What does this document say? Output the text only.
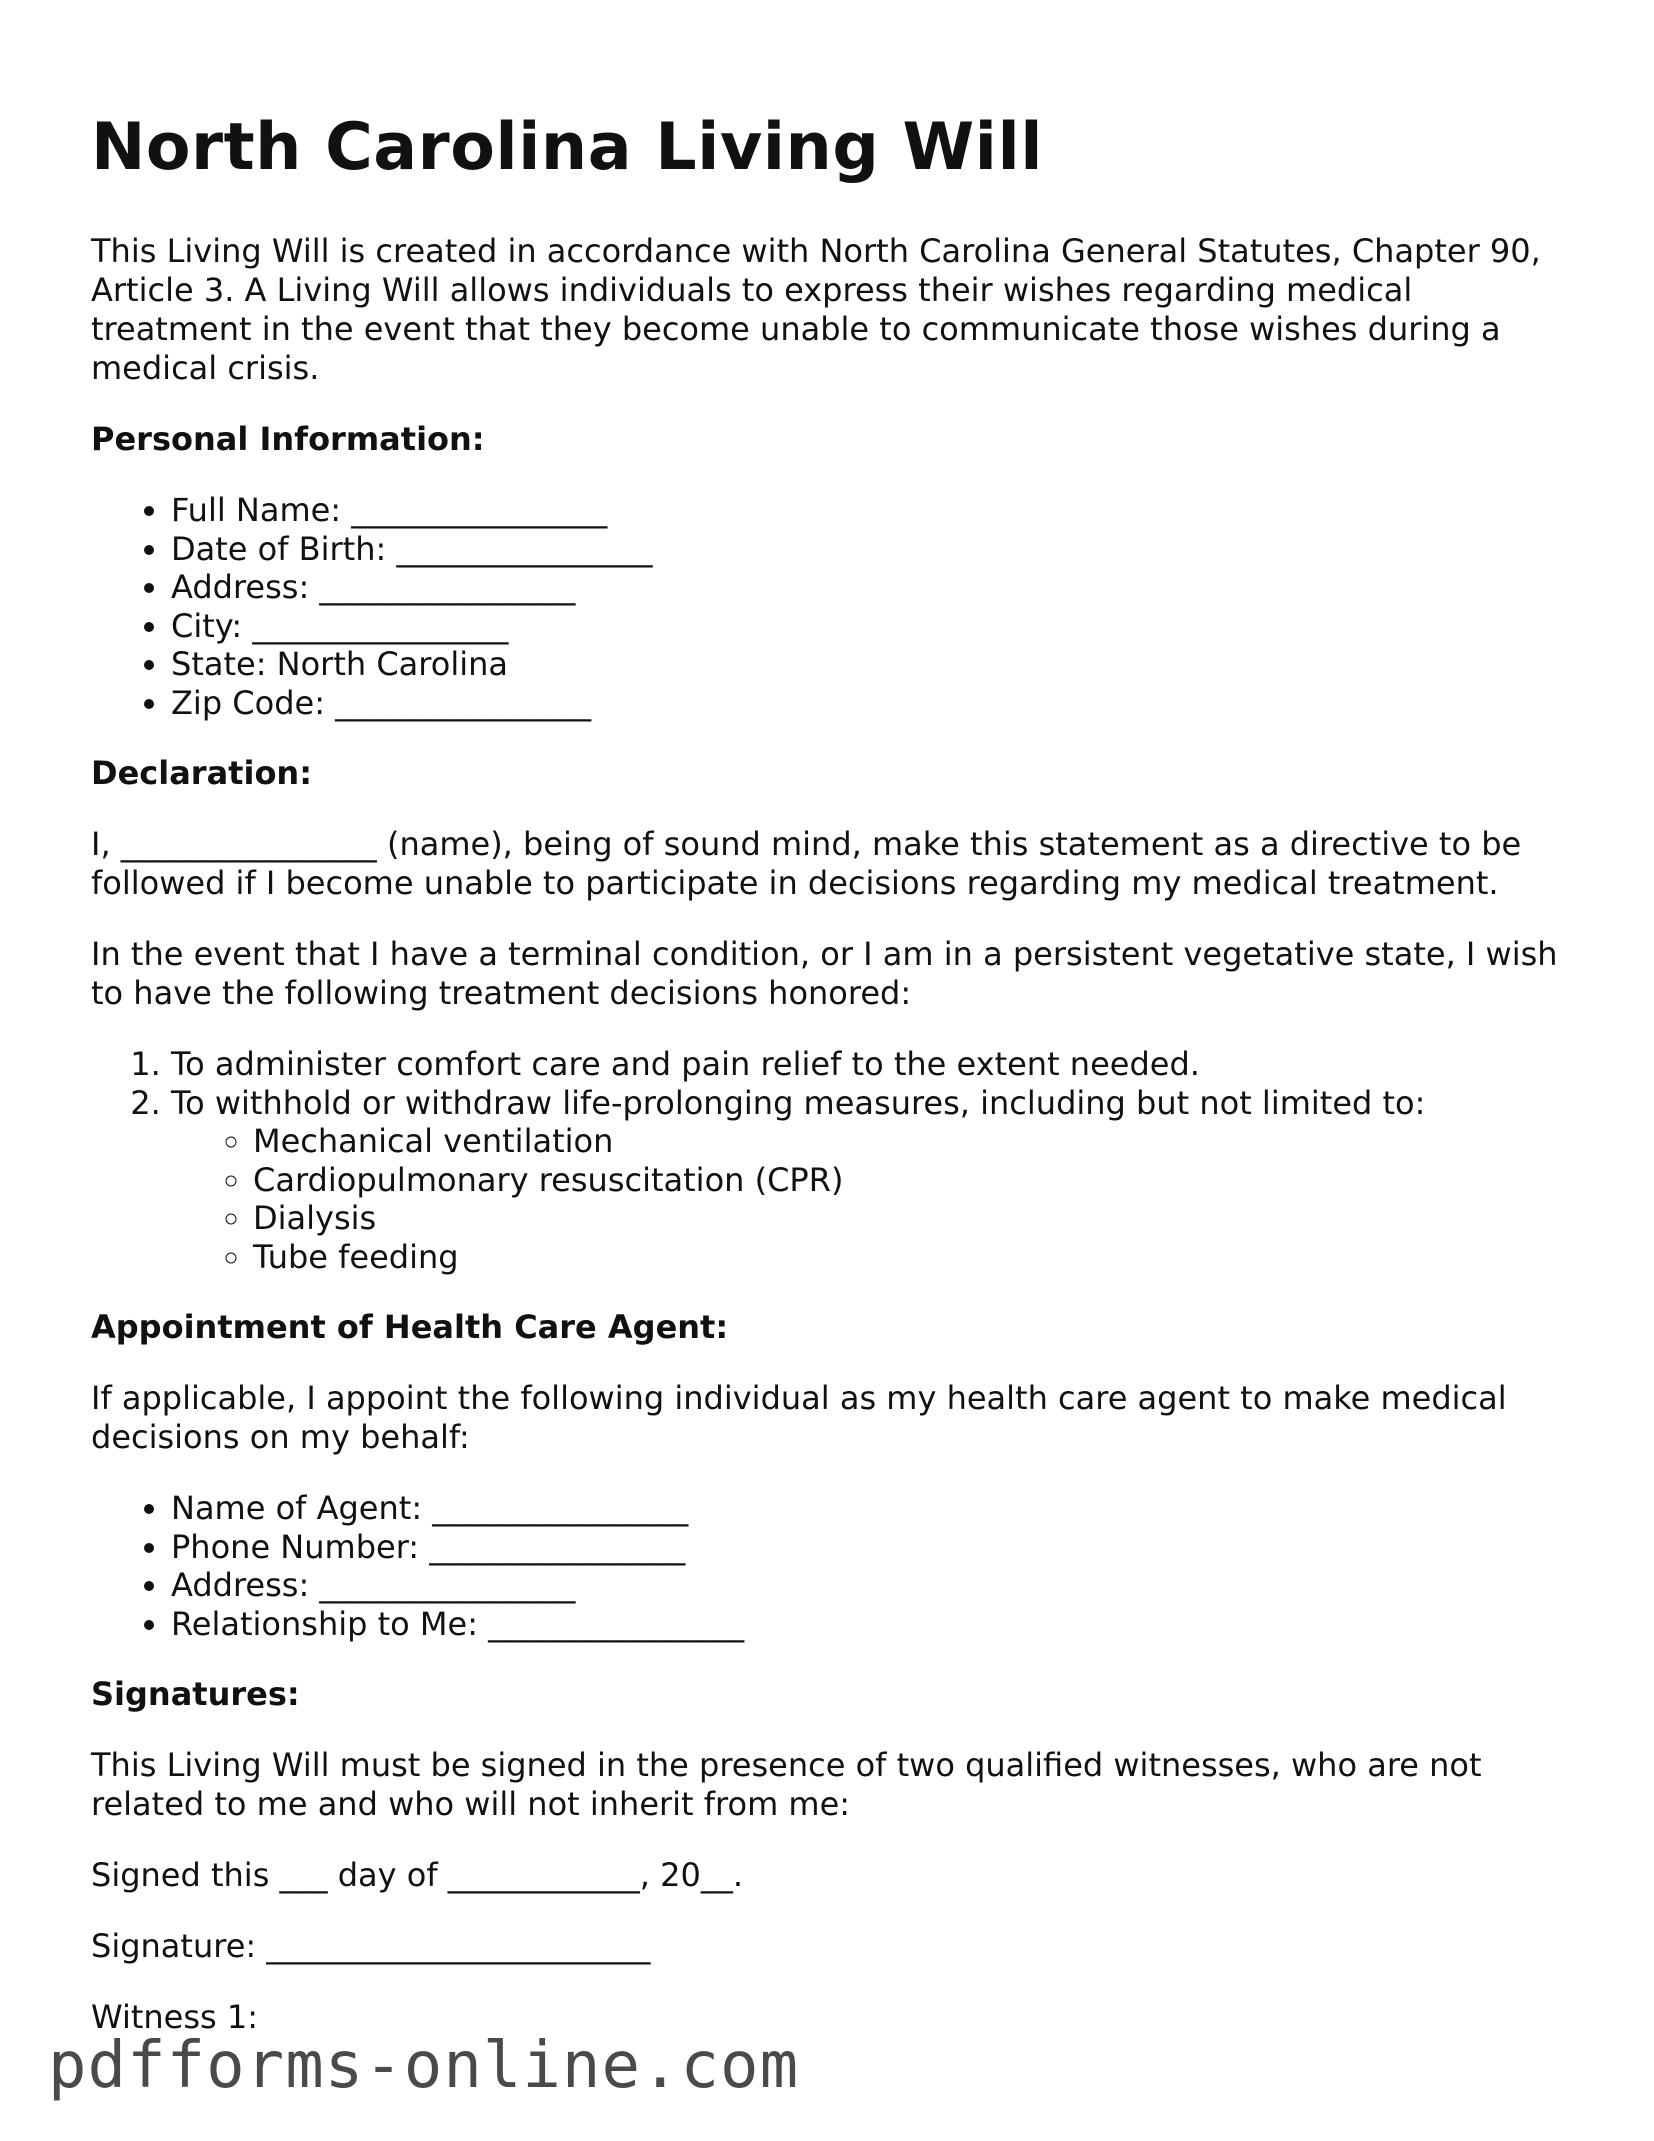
North Carolina Living Will

This Living Will is created in accordance with North Carolina General Statutes, Chapter 90, Article 3. A Living Will allows individuals to express their wishes regarding medical treatment in the event that they become unable to communicate those wishes during a medical crisis.

Personal Information:
• Full Name: ________________
• Date of Birth: ________________
• Address: ________________
• City: ________________
• State: North Carolina
• Zip Code: ________________
Declaration:

I, ________________ (name), being of sound mind, make this statement as a directive to be followed if I become unable to participate in decisions regarding my medical treatment.

In the event that I have a terminal condition, or I am in a persistent vegetative state, I wish to have the following treatment decisions honored:

1. To administer comfort care and pain relief to the extent needed.
2. To withhold or withdraw life-prolonging measures, including but not limited to:
◦ Mechanical ventilation
◦ Cardiopulmonary resuscitation (CPR)
◦ Dialysis
◦ Tube feeding
Appointment of Health Care Agent:

If applicable, I appoint the following individual as my health care agent to make medical decisions on my behalf:

• Name of Agent: ________________
• Phone Number: ________________
• Address: ________________
• Relationship to Me: ________________
Signatures:

This Living Will must be signed in the presence of two qualified witnesses, who are not related to me and who will not inherit from me:

Signed this ___ day of ____________, 20__.

Signature: ________________________

Witness 1:

pdfforms-online.com
